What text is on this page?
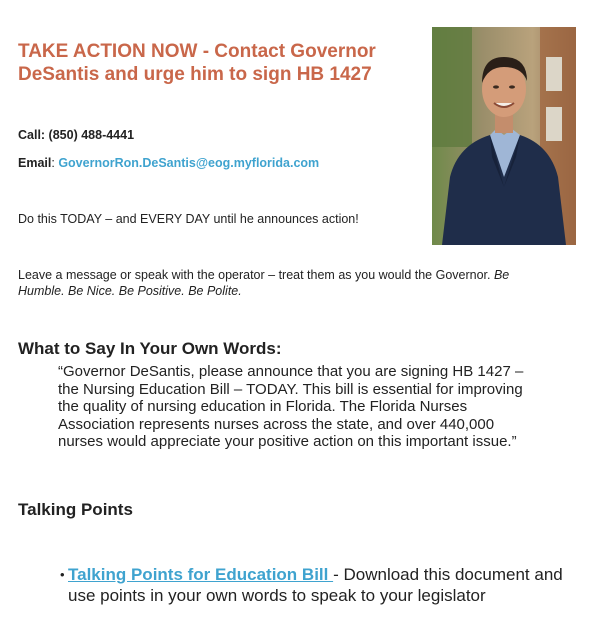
TAKE ACTION NOW - Contact Governor DeSantis and urge him to sign HB 1427
Call: (850) 488-4441
Email: GovernorRon.DeSantis@eog.myflorida.com
Do this TODAY – and EVERY DAY until he announces action!
Leave a message or speak with the operator – treat them as you would the Governor. Be Humble. Be Nice. Be Positive. Be Polite.
What to Say In Your Own Words:
“Governor DeSantis, please announce that you are signing HB 1427 – the Nursing Education Bill – TODAY. This bill is essential for improving the quality of nursing education in Florida. The Florida Nurses Association represents nurses across the state, and over 440,000 nurses would appreciate your positive action on this important issue.”
Talking Points
• Talking Points for Education Bill - Download this document and use points in your own words to speak to your legislator
